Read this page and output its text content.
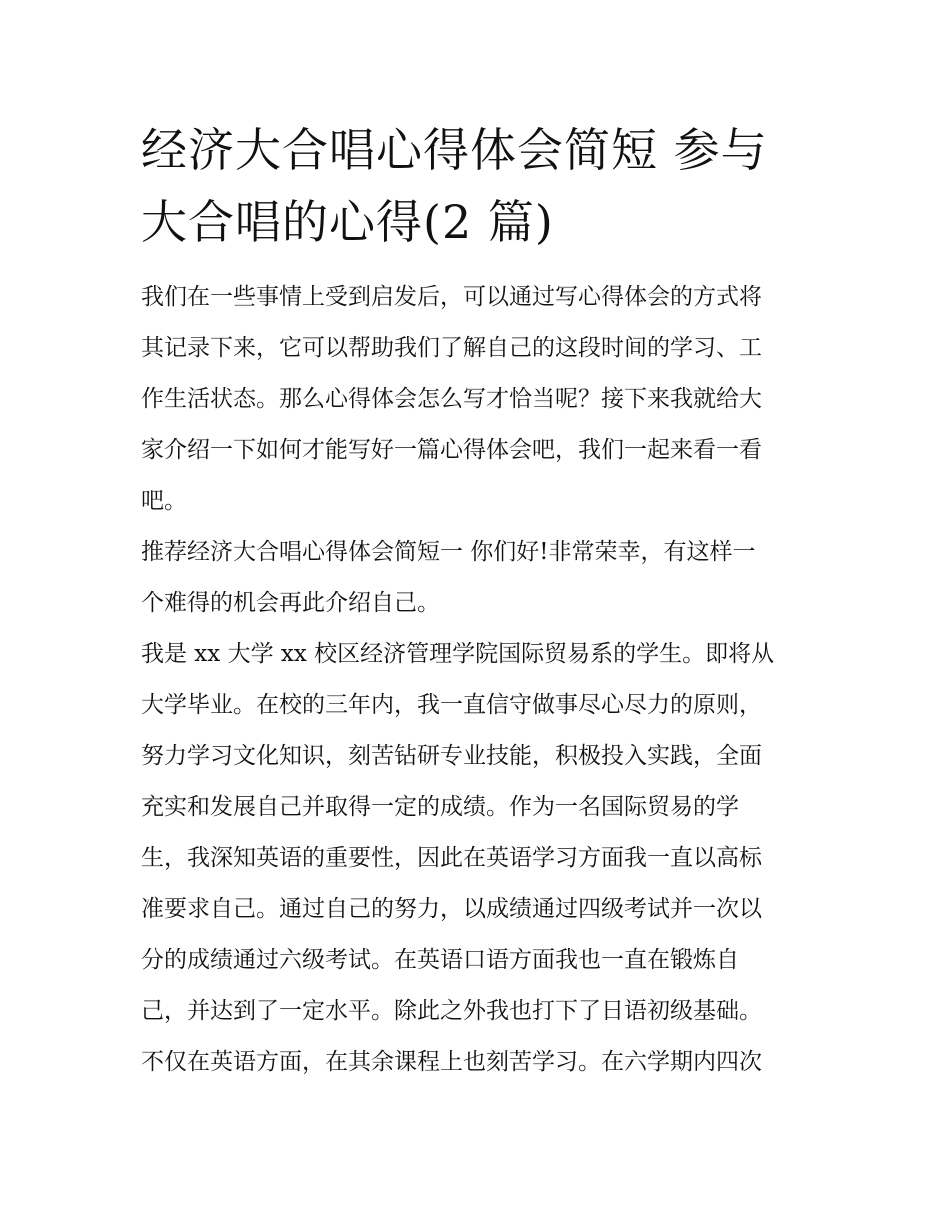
经济大合唱心得体会简短 参与
大合唱的心得(2 篇)

我们在一些事情上受到启发后，可以通过写心得体会的方式将

其记录下来，它可以帮助我们了解自己的这段时间的学习、工

作生活状态。那么心得体会怎么写才恰当呢？接下来我就给大

家介绍一下如何才能写好一篇心得体会吧，我们一起来看一看

吧。

推荐经济大合唱心得体会简短一 你们好!非常荣幸，有这样一

个难得的机会再此介绍自己。

我是 xx 大学 xx 校区经济管理学院国际贸易系的学生。即将从

大学毕业。在校的三年内，我一直信守做事尽心尽力的原则，

努力学习文化知识，刻苦钻研专业技能，积极投入实践，全面

充实和发展自己并取得一定的成绩。作为一名国际贸易的学

生，我深知英语的重要性，因此在英语学习方面我一直以高标

准要求自己。通过自己的努力，以成绩通过四级考试并一次以

分的成绩通过六级考试。在英语口语方面我也一直在锻炼自

己，并达到了一定水平。除此之外我也打下了日语初级基础。

不仅在英语方面，在其余课程上也刻苦学习。在六学期内四次
